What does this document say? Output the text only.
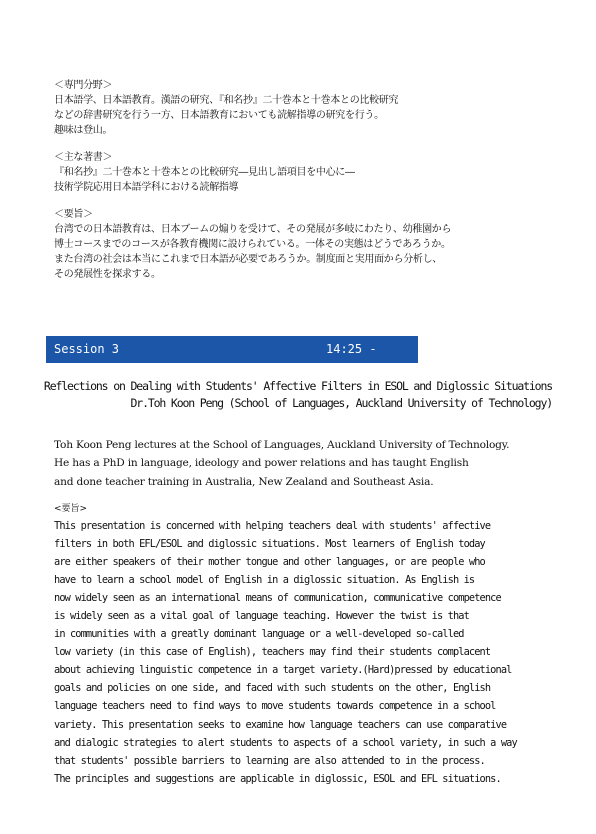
＜専門分野＞
日本語学、日本語教育。漢語の研究、『和名抄』二十巻本と十巻本との比較研究
などの辞書研究を行う一方、日本語教育においても読解指導の研究を行う。
趣味は登山。
＜主な著書＞
『和名抄』二十巻本と十巻本との比較研究―見出し語項目を中心に―
技術学院応用日本語学科における読解指導
＜要旨＞
台湾での日本語教育は、日本ブームの煽りを受けて、その発展が多岐にわたり、幼稚園から
博士コースまでのコースが各教育機関に設けられている。一体その実態はどうであろうか。
また台湾の社会は本当にこれまで日本語が必要であろうか。制度面と実用面から分析し、
その発展性を探求する。
Session 3	14:25 - 15:05
Reflections on Dealing with Students' Affective Filters in ESOL and Diglossic Situations
Dr.Toh Koon Peng (School of Languages, Auckland University of Technology)
Toh Koon Peng lectures at the School of Languages, Auckland University of Technology.
He has a PhD in language, ideology and power relations and has taught English
and done teacher training in Australia, New Zealand and Southeast Asia.
<要旨>
This presentation is concerned with helping teachers deal with students' affective
filters in both EFL/ESOL and diglossic situations. Most learners of English today
are either speakers of their mother tongue and other languages, or are people who
have to learn a school model of English in a diglossic situation. As English is
now widely seen as an international means of communication, communicative competence
is widely seen as a vital goal of language teaching. However the twist is that
in communities with a greatly dominant language or a well-developed so-called
low variety (in this case of English), teachers may find their students complacent
about achieving linguistic competence in a target variety.(Hard)pressed by educational
goals and policies on one side, and faced with such students on the other, English
language teachers need to find ways to move students towards competence in a school
variety. This presentation seeks to examine how language teachers can use comparative
and dialogic strategies to alert students to aspects of a school variety, in such a way
that students' possible barriers to learning are also attended to in the process.
The principles and suggestions are applicable in diglossic, ESOL and EFL situations.
